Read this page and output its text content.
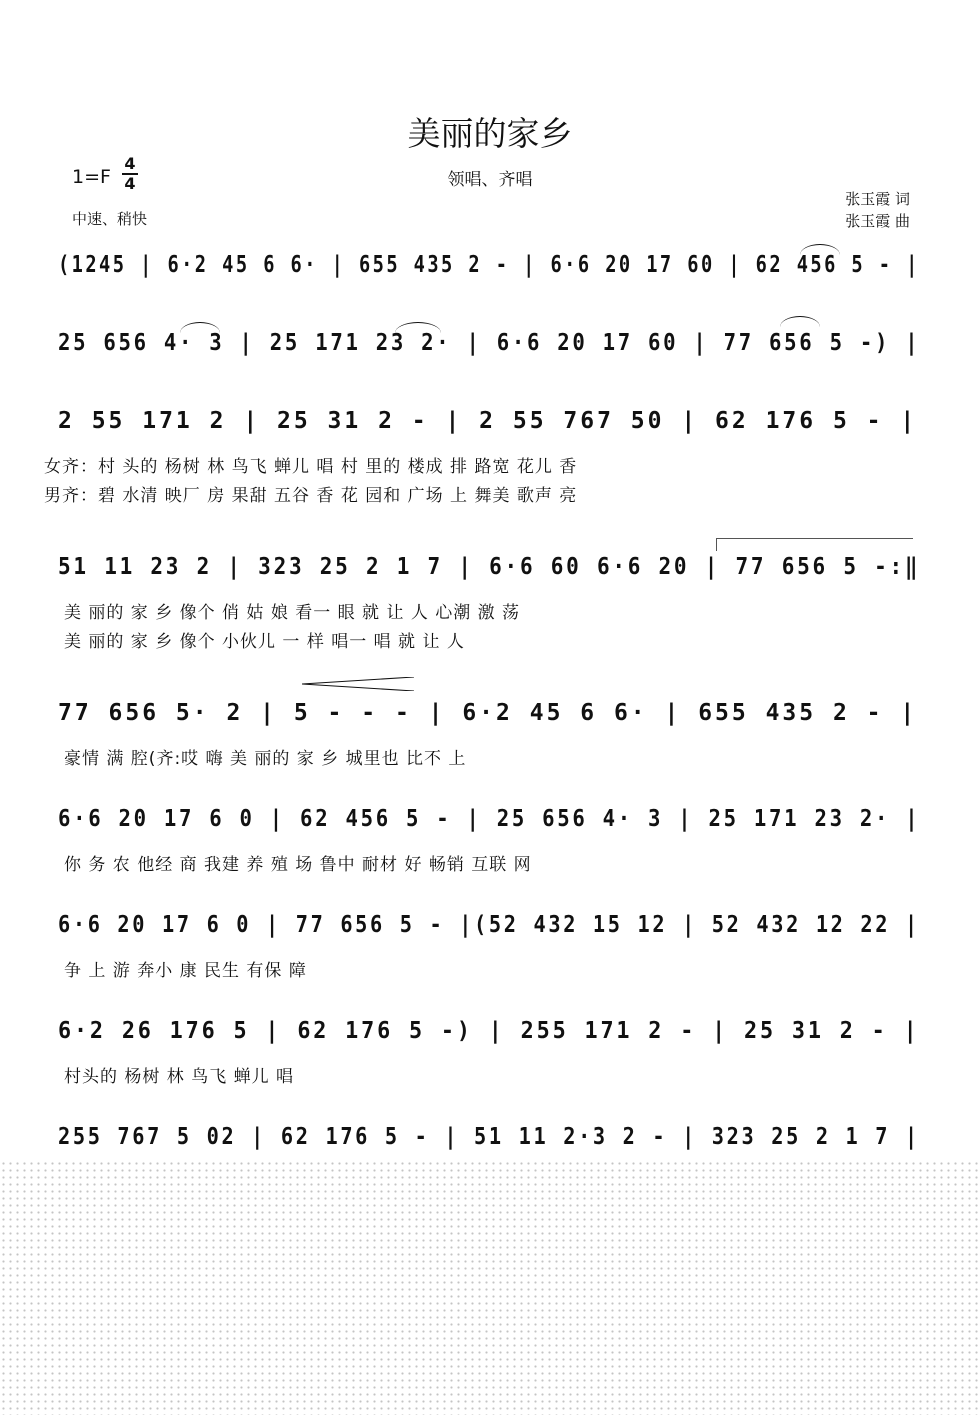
美丽的家乡
领唱、齐唱
1=F
4
4
中速、稍快
张玉霞 词
张玉霞 曲
(1245 | 6·2 45 6 6· | 655 435 2 - | 6·6 20 17 60 | 62 456 5 - |
25 656 4· 3 | 25 171 23 2· | 6·6 20 17 60 | 77 656 5 -) |
2 55 171 2 | 25 31 2 - | 2 55 767 50 | 62 176 5 - |
女齐：村 头的 杨树 林 鸟飞 蝉儿 唱 村 里的 楼成 排 路宽 花儿 香
男齐：碧 水清 映厂 房 果甜 五谷 香 花 园和 广场 上 舞美 歌声 亮
51 11 23 2 | 323 25 2 1 7 | 6·6 60 6·6 20 | 77 656 5 -:‖
美 丽的 家 乡 像个 俏 姑 娘 看一 眼 就 让 人 心潮 激 荡
美 丽的 家 乡 像个 小伙儿 一 样 唱一 唱 就 让 人
77 656 5· 2 | 5 - - - | 6·2 45 6 6· | 655 435 2 - |
豪情 满 腔(齐:哎 嗨 美 丽的 家 乡 城里也 比不 上
6·6 20 17 6 0 | 62 456 5 - | 25 656 4· 3 | 25 171 23 2· |
你 务 农 他经 商 我建 养 殖 场 鲁中 耐材 好 畅销 互联 网
6·6 20 17 6 0 | 77 656 5 - |(52 432 15 12 | 52 432 12 22 |
争 上 游 奔小 康 民生 有保 障
6·2 26 176 5 | 62 176 5 -) | 255 171 2 - | 25 31 2 - |
村头的 杨树 林 鸟飞 蝉儿 唱
255 767 5 02 | 62 176 5 - | 51 11 2·3 2 - | 323 25 2 1 7 |
